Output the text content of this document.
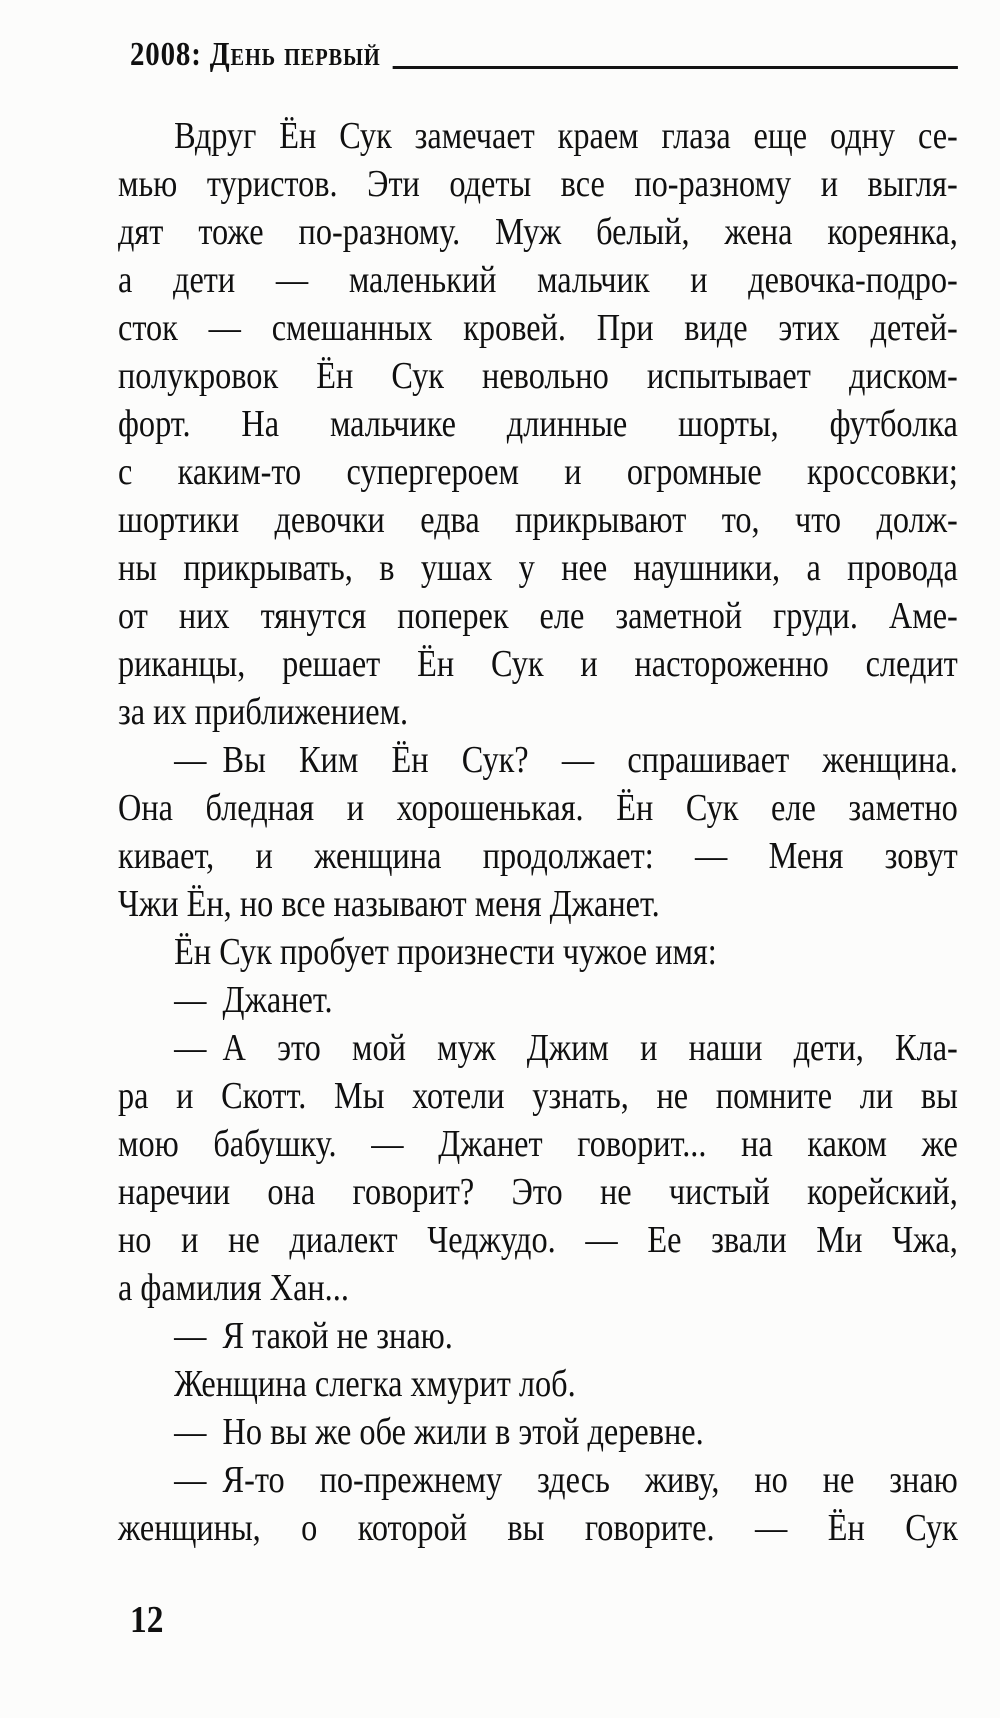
2008: День первый
Вдруг Ён Сук замечает краем глаза еще одну се-
мью туристов. Эти одеты все по-разному и выгля-
дят тоже по-разному. Муж белый, жена кореянка,
а дети — маленький мальчик и девочка-подро-
сток — смешанных кровей. При виде этих детей-
полукровок Ён Сук невольно испытывает диском-
форт. На мальчике длинные шорты, футболка
с каким-то супергероем и огромные кроссовки;
шортики девочки едва прикрывают то, что долж-
ны прикрывать, в ушах у нее наушники, а провода
от них тянутся поперек еле заметной груди. Аме-
риканцы, решает Ён Сук и настороженно следит
за их приближением.
— Вы Ким Ён Сук? — спрашивает женщина.
Она бледная и хорошенькая. Ён Сук еле заметно
кивает, и женщина продолжает: — Меня зовут
Чжи Ён, но все называют меня Джанет.
Ён Сук пробует произнести чужое имя:
— Джанет.
— А это мой муж Джим и наши дети, Кла-
ра и Скотт. Мы хотели узнать, не помните ли вы
мою бабушку. — Джанет говорит... на каком же
наречии она говорит? Это не чистый корейский,
но и не диалект Чеджудо. — Ее звали Ми Чжа,
а фамилия Хан...
— Я такой не знаю.
Женщина слегка хмурит лоб.
— Но вы же обе жили в этой деревне.
— Я-то по-прежнему здесь живу, но не знаю
женщины, о которой вы говорите. — Ён Сук
12
